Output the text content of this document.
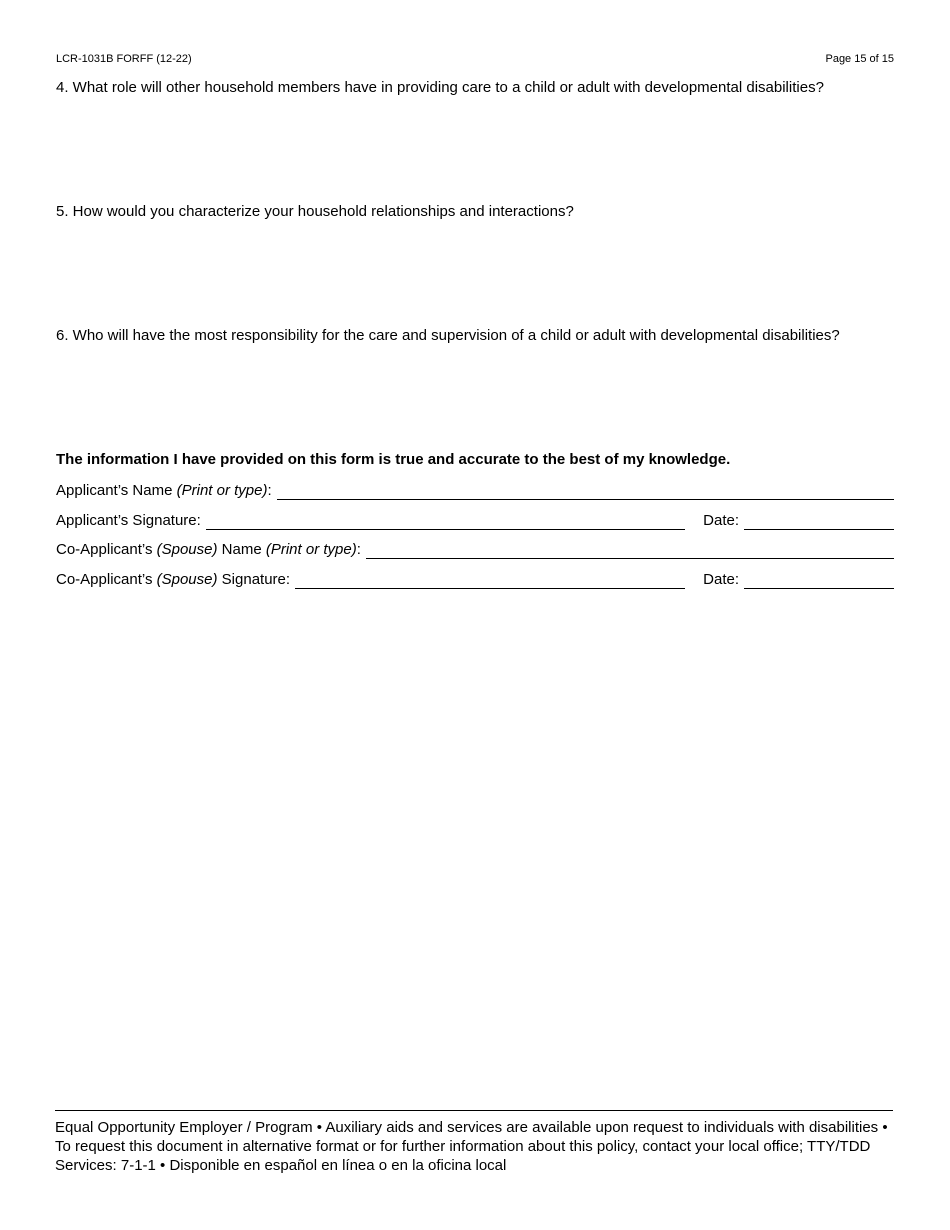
LCR-1031B FORFF (12-22)	Page 15 of 15
4. What role will other household members have in providing care to a child or adult with developmental disabilities?
5. How would you characterize your household relationships and interactions?
6. Who will have the most responsibility for the care and supervision of a child or adult with developmental disabilities?
The information I have provided on this form is true and accurate to the best of my knowledge.
Applicant’s Name (Print or type):
Applicant’s Signature:	Date:
Co-Applicant’s (Spouse) Name (Print or type):
Co-Applicant’s (Spouse) Signature:	Date:
Equal Opportunity Employer / Program • Auxiliary aids and services are available upon request to individuals with disabilities • To request this document in alternative format or for further information about this policy, contact your local office; TTY/TDD Services: 7-1-1 • Disponible en español en línea o en la oficina local
